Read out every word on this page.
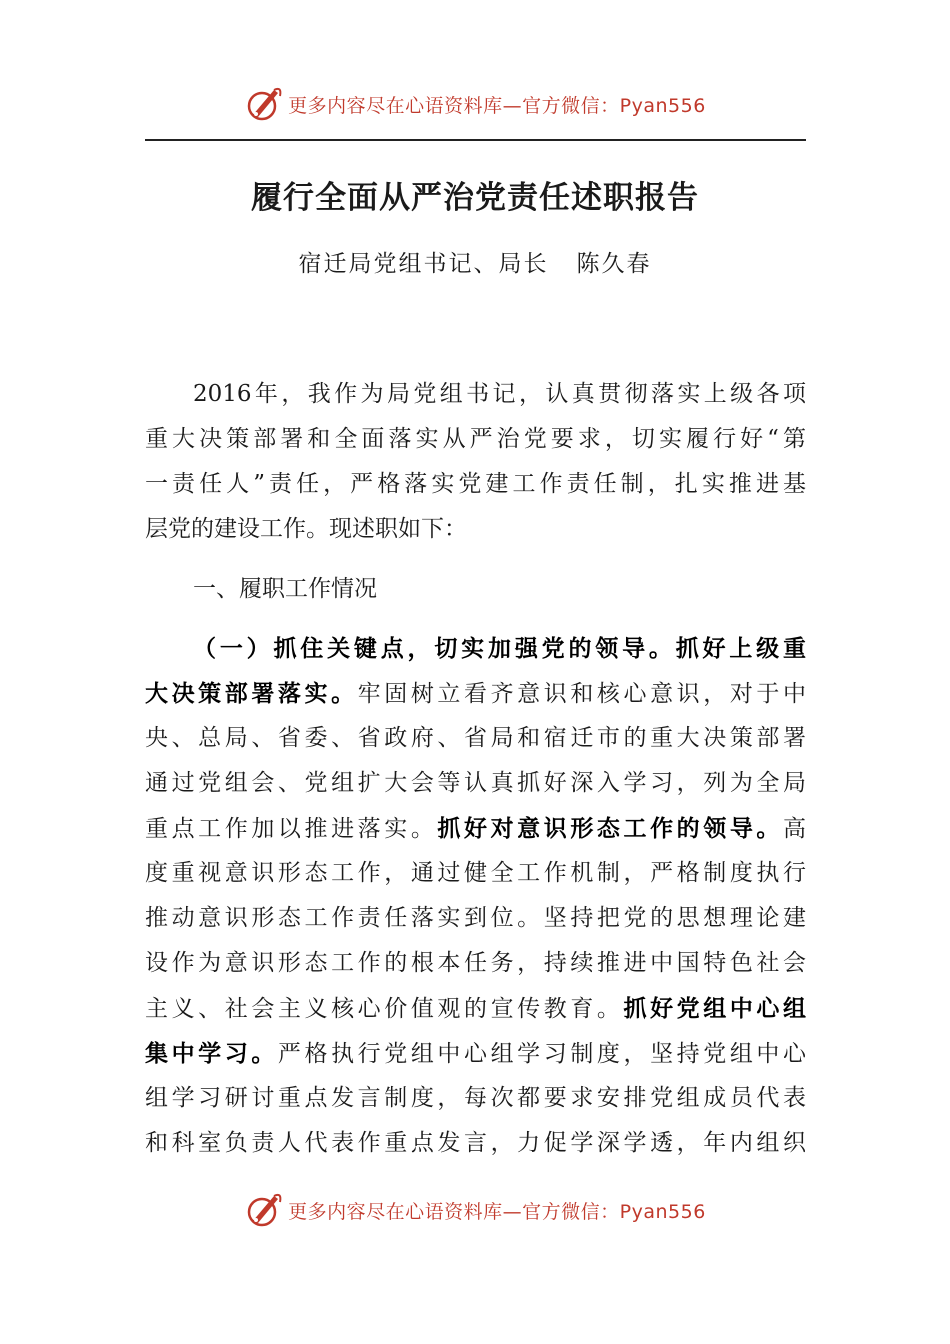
更多内容尽在心语资料库—官方微信：Pyan556
履行全面从严治党责任述职报告
宿迁局党组书记、局长 陈久春
2016年，我作为局党组书记，认真贯彻落实上级各项
重大决策部署和全面落实从严治党要求，切实履行好“第
一责任人”责任，严格落实党建工作责任制，扎实推进基
层党的建设工作。现述职如下：
一、履职工作情况
（一）抓住关键点，切实加强党的领导。抓好上级重
大决策部署落实。牢固树立看齐意识和核心意识，对于中
央、总局、省委、省政府、省局和宿迁市的重大决策部署
通过党组会、党组扩大会等认真抓好深入学习，列为全局
重点工作加以推进落实。抓好对意识形态工作的领导。高
度重视意识形态工作，通过健全工作机制，严格制度执行
推动意识形态工作责任落实到位。坚持把党的思想理论建
设作为意识形态工作的根本任务，持续推进中国特色社会
主义、社会主义核心价值观的宣传教育。抓好党组中心组
集中学习。严格执行党组中心组学习制度，坚持党组中心
组学习研讨重点发言制度，每次都要求安排党组成员代表
和科室负责人代表作重点发言，力促学深学透，年内组织
更多内容尽在心语资料库—官方微信：Pyan556
